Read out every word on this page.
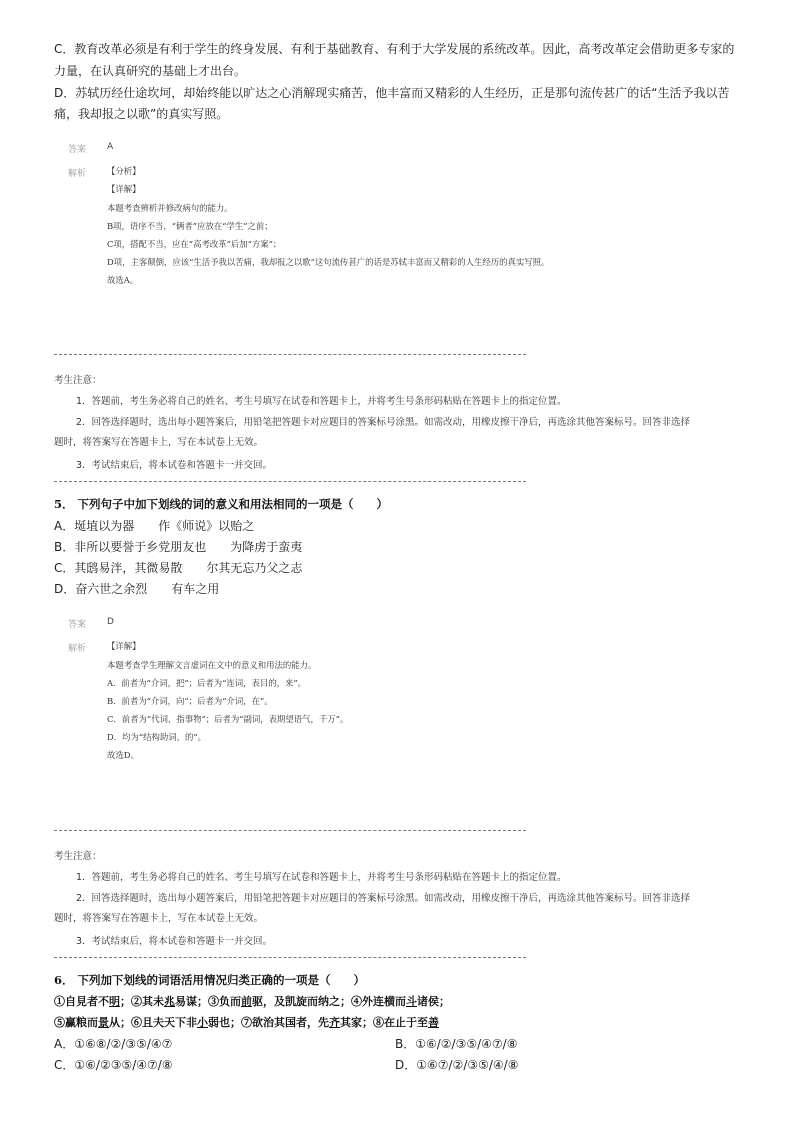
C．教育改革必须是有利于学生的终身发展、有利于基础教育、有利于大学发展的系统改革。因此，高考改革定会借助更多专家的
力量，在认真研究的基础上才出台。
D．苏轼历经仕途坎坷，却始终能以旷达之心消解现实痛苦，他丰富而又精彩的人生经历，正是那句流传甚广的话“生活予我以苦
痛，我却报之以歌”的真实写照。
答案 A
解析 【分析】
【详解】
本题考查辨析并修改病句的能力。
B项，语序不当，“俩者”应放在“学生”之前；
C项，搭配不当，应在“高考改革”后加“方案”；
D项，主客颠倒，应该“生活予我以苦痛，我却报之以歌”这句流传甚广的话是苏轼丰富而又精彩的人生经历的真实写照。
故选A。
考生注意：
1．答题前，考生务必将自己的姓名、考生号填写在试卷和答题卡上，并将考生号条形码粘贴在答题卡上的指定位置。
2．回答选择题时，选出每小题答案后，用铅笔把答题卡对应题目的答案标号涂黑。如需改动，用橡皮擦干净后，再选涂其他答案标号。回答非选择
题时，将答案写在答题卡上，写在本试卷上无效。
3．考试结束后，将本试卷和答题卡一并交回。
5． 下列句子中加下划线的词的意义和用法相同的一项是（　　）
A．埏埴以为器 作《师说》以贻之
B．非所以要誉于乡党朋友也 为降虏于蛮夷
C．其鸱易泮，其微易散 尔其无忘乃父之志
D．奋六世之余烈 有车之用
答案 D
解析 【详解】
本题考查学生理解文言虚词在文中的意义和用法的能力。
A．前者为“介词，把”；后者为“连词，表目的，来”。
B．前者为“介词，向”；后者为“介词，在”。
C．前者为“代词，指事物”；后者为“副词，表期望语气，千万”。
D．均为“结构助词，的”。
故选D。
考生注意：
1．答题前，考生务必将自己的姓名、考生号填写在试卷和答题卡上，并将考生号条形码粘贴在答题卡上的指定位置。
2．回答选择题时，选出每小题答案后，用铅笔把答题卡对应题目的答案标号涂黑。如需改动，用橡皮擦干净后，再选涂其他答案标号。回答非选择
题时，将答案写在答题卡上，写在本试卷上无效。
3．考试结束后，将本试卷和答题卡一并交回。
6． 下列加下划线的词语活用情况归类正确的一项是（　　）
①自見者不明；②其未兆易谋；③负而前驱，及凯旋而纳之；④外连横而斗诸侯；
⑤赢粮而景从；⑥且夫天下非小弱也；⑦欲治其国者，先齐其家；⑧在止于至善
A．①⑥⑧/②/③⑤/④⑦	B．①⑥/②/③⑤/④⑦/⑧
C．①⑥/②③⑤/④⑦/⑧	D．①⑥⑦/②/③⑤/④/⑧
